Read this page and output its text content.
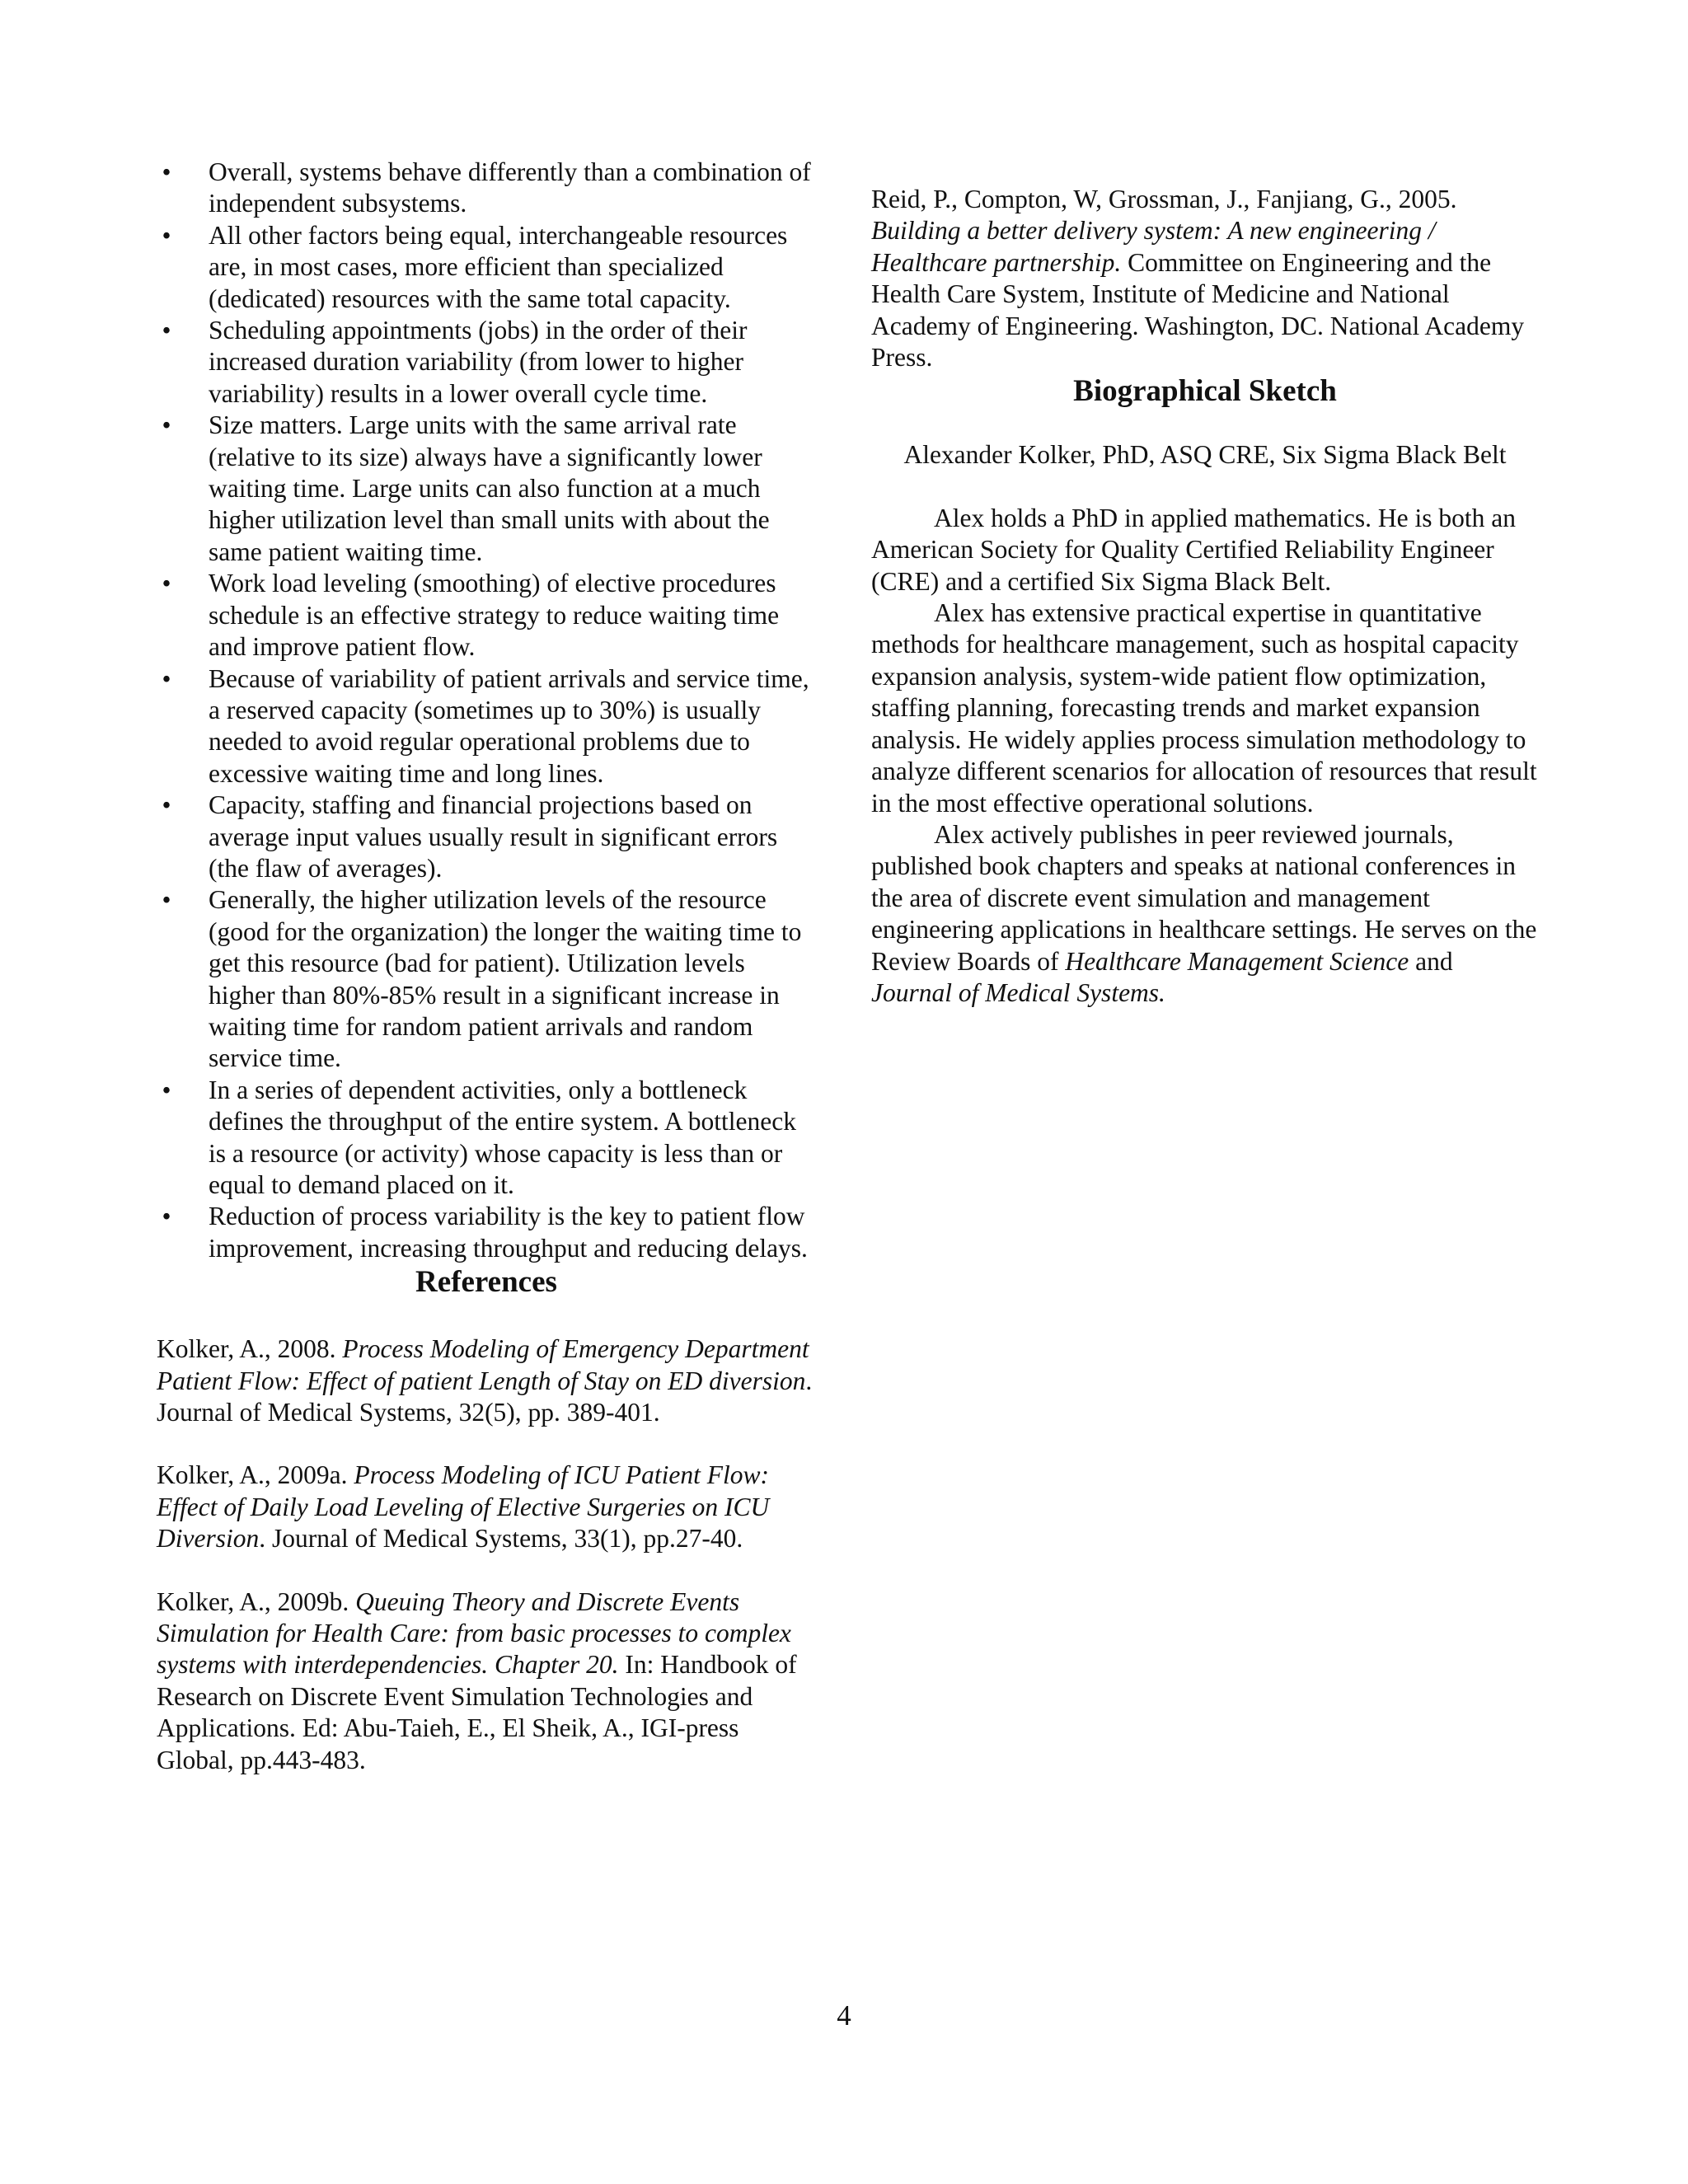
• Overall, systems behave differently than a combination of independent subsystems.
• All other factors being equal, interchangeable resources are, in most cases, more efficient than specialized (dedicated) resources with the same total capacity.
• Scheduling appointments (jobs) in the order of their increased duration variability (from lower to higher variability) results in a lower overall cycle time.
• Size matters. Large units with the same arrival rate (relative to its size) always have a significantly lower waiting time. Large units can also function at a much higher utilization level than small units with about the same patient waiting time.
• Work load leveling (smoothing) of elective procedures schedule is an effective strategy to reduce waiting time and improve patient flow.
• Because of variability of patient arrivals and service time, a reserved capacity (sometimes up to 30%) is usually needed to avoid regular operational problems due to excessive waiting time and long lines.
• Capacity, staffing and financial projections based on average input values usually result in significant errors (the flaw of averages).
• Generally, the higher utilization levels of the resource (good for the organization) the longer the waiting time to get this resource (bad for patient). Utilization levels higher than 80%-85% result in a significant increase in waiting time for random patient arrivals and random service time.
• In a series of dependent activities, only a bottleneck defines the throughput of the entire system. A bottleneck is a resource (or activity) whose capacity is less than or equal to demand placed on it.
• Reduction of process variability is the key to patient flow improvement, increasing throughput and reducing delays.
References

Kolker, A., 2008. Process Modeling of Emergency Department Patient Flow: Effect of patient Length of Stay on ED diversion. Journal of Medical Systems, 32(5), pp. 389-401.

Kolker, A., 2009a. Process Modeling of ICU Patient Flow: Effect of Daily Load Leveling of Elective Surgeries on ICU Diversion. Journal of Medical Systems, 33(1), pp.27-40.

Kolker, A., 2009b. Queuing Theory and Discrete Events Simulation for Health Care: from basic processes to complex systems with interdependencies. Chapter 20. In: Handbook of Research on Discrete Event Simulation Technologies and Applications. Ed: Abu-Taieh, E., El Sheik, A., IGI-press Global, pp.443-483.

Reid, P., Compton, W, Grossman, J., Fanjiang, G., 2005. Building a better delivery system: A new engineering / Healthcare partnership. Committee on Engineering and the Health Care System, Institute of Medicine and National Academy of Engineering. Washington, DC. National Academy Press.

Biographical Sketch
Alexander Kolker, PhD, ASQ CRE, Six Sigma Black Belt

Alex holds a PhD in applied mathematics. He is both an American Society for Quality Certified Reliability Engineer (CRE) and a certified Six Sigma Black Belt.

Alex has extensive practical expertise in quantitative methods for healthcare management, such as hospital capacity expansion analysis, system-wide patient flow optimization, staffing planning, forecasting trends and market expansion analysis. He widely applies process simulation methodology to analyze different scenarios for allocation of resources that result in the most effective operational solutions.

Alex actively publishes in peer reviewed journals, published book chapters and speaks at national conferences in the area of discrete event simulation and management engineering applications in healthcare settings. He serves on the Review Boards of Healthcare Management Science and Journal of Medical Systems.

4
